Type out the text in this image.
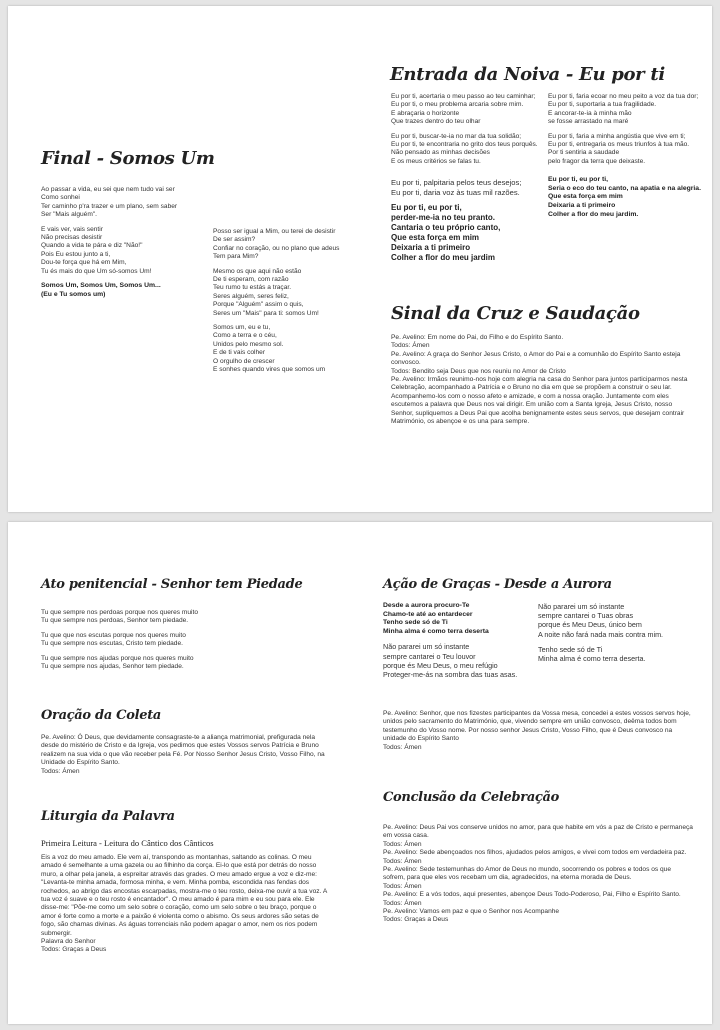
Final - Somos Um
Ao passar a vida, eu sei que nem tudo vai ser
Como sonhei
Ter caminho p'ra trazer e um plano, sem saber
Ser "Mais alguém".
E vais ver, vais sentir
Não precisas desistir
Quando a vida te pára e diz "Não!"
Pois Eu estou junto a ti,
Dou-te força que há em Mim,
Tu és mais do que Um só-somos Um!
Somos Um, Somos Um, Somos Um...
(Eu e Tu somos um)
Posso ser igual a Mim, ou terei de desistir
De ser assim?
Confiar no coração, ou no plano que adeus
Tem para Mim?
Mesmo os que aqui não estão
De ti esperam, com razão
Teu rumo tu estás a traçar.
Seres alguém, seres feliz,
Porque "Alguém" assim o quis,
Seres um "Mais" para ti: somos Um!
Somos um, eu e tu,
Como a terra e o céu,
Unidos pelo mesmo sol.
E de ti vais colher
O orgulho de crescer
E sonhes quando vires que somos um
Entrada da Noiva - Eu por ti
Eu por ti, acertaria o meu passo ao teu caminhar;
Eu por ti, o meu problema arcaria sobre mim.
E abraçaria o horizonte
Que trazes dentro do teu olhar
Eu por ti, buscar-te-ia no mar da tua solidão;
Eu por ti, te encontraria no grito dos teus porquês.
Não pensado as minhas decisões
E os meus critérios se falas tu.
Eu por ti, palpitaria pelos teus desejos;
Eu por ti, daria voz às tuas mil razões.
Eu por ti, eu por ti,
perder-me-ia no teu pranto.
Cantaria o teu próprio canto,
Que esta força em mim
Deixaria a ti primeiro
Colher a flor do meu jardim
Eu por ti, faria ecoar no meu peito a voz da tua dor;
Eu por ti, suportaria a tua fragilidade.
E ancorar-te-ia à minha mão
se fosse arrastado na maré
Eu por ti, faria a minha angústia que vive em ti;
Eu por ti, entregaria os meus triunfos à tua mão.
Por ti sentiria a saudade
pelo fragor da terra que deixaste.
Eu por ti, eu por ti,
Seria o eco do teu canto, na apatia e na alegria.
Que esta força em mim
Deixaria a ti primeiro
Colher a flor do meu jardim.
Sinal da Cruz e Saudação
Pe. Avelino: Em nome do Pai, do Filho e do Espírito Santo.
Todos: Ámen
Pe. Avelino: A graça do Senhor Jesus Cristo, o Amor do Pai e a comunhão do Espírito Santo esteja convosco.
Todos: Bendito seja Deus que nos reuniu no Amor de Cristo
Pe. Avelino: Irmãos reunimo-nos hoje com alegria na casa do Senhor para juntos participarmos nesta Celebração, acompanhado a Patrícia e o Bruno no dia em que se propõem a construir o seu lar. Acompanhemo-los com o nosso afeto e amizade, e com a nossa oração. Juntamente com eles escutemos a palavra que Deus nos vai dirigir. Em união com a Santa Igreja, Jesus Cristo, nosso Senhor, supliquemos a Deus Pai que acolha benignamente estes seus servos, que desejam contrair Matrimónio, os abençoe e os una para sempre.
Ato penitencial - Senhor tem Piedade
Tu que sempre nos perdoas porque nos queres muito
Tu que sempre nos perdoas, Senhor tem piedade.
Tu que que nos escutas porque nos queres muito
Tu que sempre nos escutas, Cristo tem piedade.
Tu que sempre nos ajudas porque nos queres muito
Tu que sempre nos ajudas, Senhor tem piedade.
Oração da Coleta
Pe. Avelino: Ó Deus, que devidamente consagraste-te a aliança matrimonial, prefigurada nela desde do mistério de Cristo e da Igreja, vos pedimos que estes Vossos servos Patrícia e Bruno realizem na sua vida o que vão receber pela Fé. Por Nosso Senhor Jesus Cristo, Vosso Filho, na Unidade do Espírito Santo.
Todos: Ámen
Liturgia da Palavra
Primeira Leitura - Leitura do Cântico dos Cânticos
Eis a voz do meu amado. Ele vem aí, transpondo as montanhas, saltando as colinas. O meu amado é semelhante a uma gazela ou ao filhinho da corça. Ei-lo que está por detrás do nosso muro, a olhar pela janela, a espreitar através das grades. O meu amado ergue a voz e diz-me: "Levanta-te minha amada, formosa minha, e vem. Minha pomba, escondida nas fendas dos rochedos, ao abrigo das encostas escarpadas, mostra-me o teu rosto, deixa-me ouvir a tua voz. A tua voz é suave e o teu rosto é encantador". O meu amado é para mim e eu sou para ele. Ele disse-me: "Põe-me como um selo sobre o coração, como um selo sobre o teu braço, porque o amor é forte como a morte e a paixão é violenta como o abismo. Os seus ardores são setas de fogo, são chamas divinas. As águas torrenciais não podem apagar o amor, nem os rios podem submergir.
Palavra do Senhor
Todos: Graças a Deus
Ação de Graças - Desde a Aurora
Desde a aurora procuro-Te
Chamo-te até ao entardecer
Tenho sede só de Ti
Minha alma é como terra deserta
Não pararei um só instante
sempre cantarei o Teu louvor
porque és Meu Deus, o meu refúgio
Proteger-me-ás na sombra das tuas asas.
Não pararei um só instante
sempre cantarei o Tuas obras
porque és Meu Deus, único bem
A noite não fará nada mais contra mim.
Tenho sede só de Ti
Minha alma é como terra deserta.
Pe. Avelino: Senhor, que nos fizestes participantes da Vossa mesa, concedei a estes vossos servos hoje, unidos pelo sacramento do Matrimónio, que, vivendo sempre em união convosco, deêma todos bom testemunho do Vosso nome. Por nosso senhor Jesus Cristo, Vosso Filho, que é Deus convosco na unidade do Espírito Santo
Todos: Ámen
Conclusão da Celebração
Pe. Avelino: Deus Pai vos conserve unidos no amor, para que habite em vós a paz de Cristo e permaneça em vossa casa.
Todos: Ámen
Pe. Avelino: Sede abençoados nos filhos, ajudados pelos amigos, e vivei com todos em verdadeira paz.
Todos: Ámen
Pe. Avelino: Sede testemunhas do Amor de Deus no mundo, socorrendo os pobres e todos os que sofrem, para que eles vos recebam um dia, agradecidos, na eterna morada de Deus.
Todos: Ámen
Pe. Avelino: E a vós todos, aqui presentes, abençoe Deus Todo-Poderoso, Pai, Filho e Espírito Santo.
Todos: Ámen
Pe. Avelino: Vamos em paz e que o Senhor nos Acompanhe
Todos: Graças a Deus
